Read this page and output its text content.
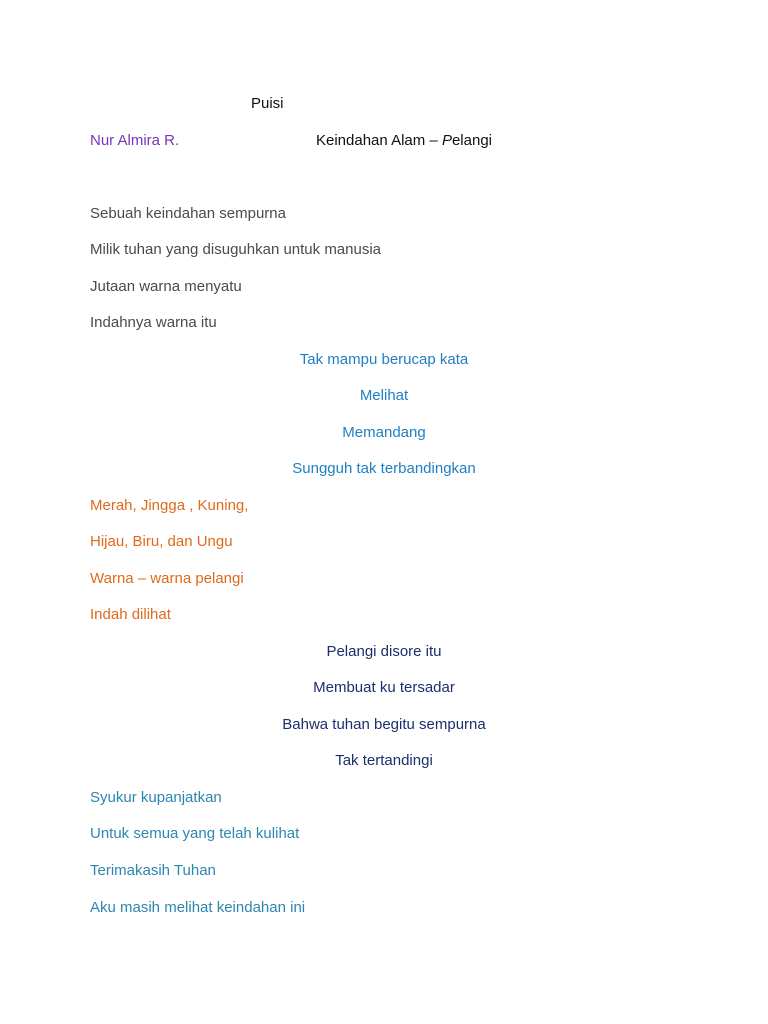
Puisi
Nur Almira R.	Keindahan Alam – Pelangi
Sebuah keindahan sempurna
Milik tuhan yang disuguhkan untuk manusia
Jutaan warna menyatu
Indahnya warna itu
Tak mampu berucap kata
Melihat
Memandang
Sungguh tak terbandingkan
Merah, Jingga , Kuning,
Hijau, Biru, dan Ungu
Warna – warna pelangi
Indah dilihat
Pelangi disore itu
Membuat ku tersadar
Bahwa tuhan begitu sempurna
Tak tertandingi
Syukur kupanjatkan
Untuk semua yang telah kulihat
Terimakasih Tuhan
Aku masih melihat keindahan ini
